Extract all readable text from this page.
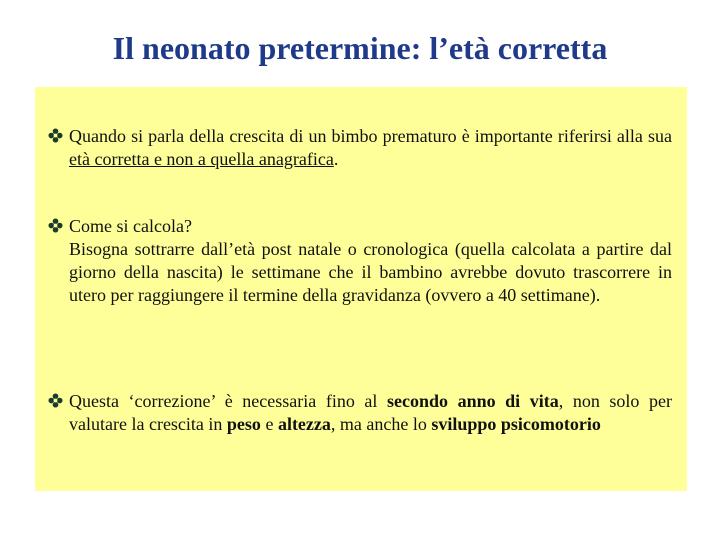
Il neonato pretermine: l’età corretta
Quando si parla della crescita di un bimbo prematuro è importante riferirsi alla sua età corretta e non a quella anagrafica.
Come si calcola?
Bisogna sottrarre dall’età post natale o cronologica (quella calcolata a partire dal giorno della nascita) le settimane che il bambino avrebbe dovuto trascorrere in utero per raggiungere il termine della gravidanza (ovvero a 40 settimane).
Questa ‘correzione’ è necessaria fino al secondo anno di vita, non solo per valutare la crescita in peso e altezza, ma anche lo sviluppo psicomotorio
